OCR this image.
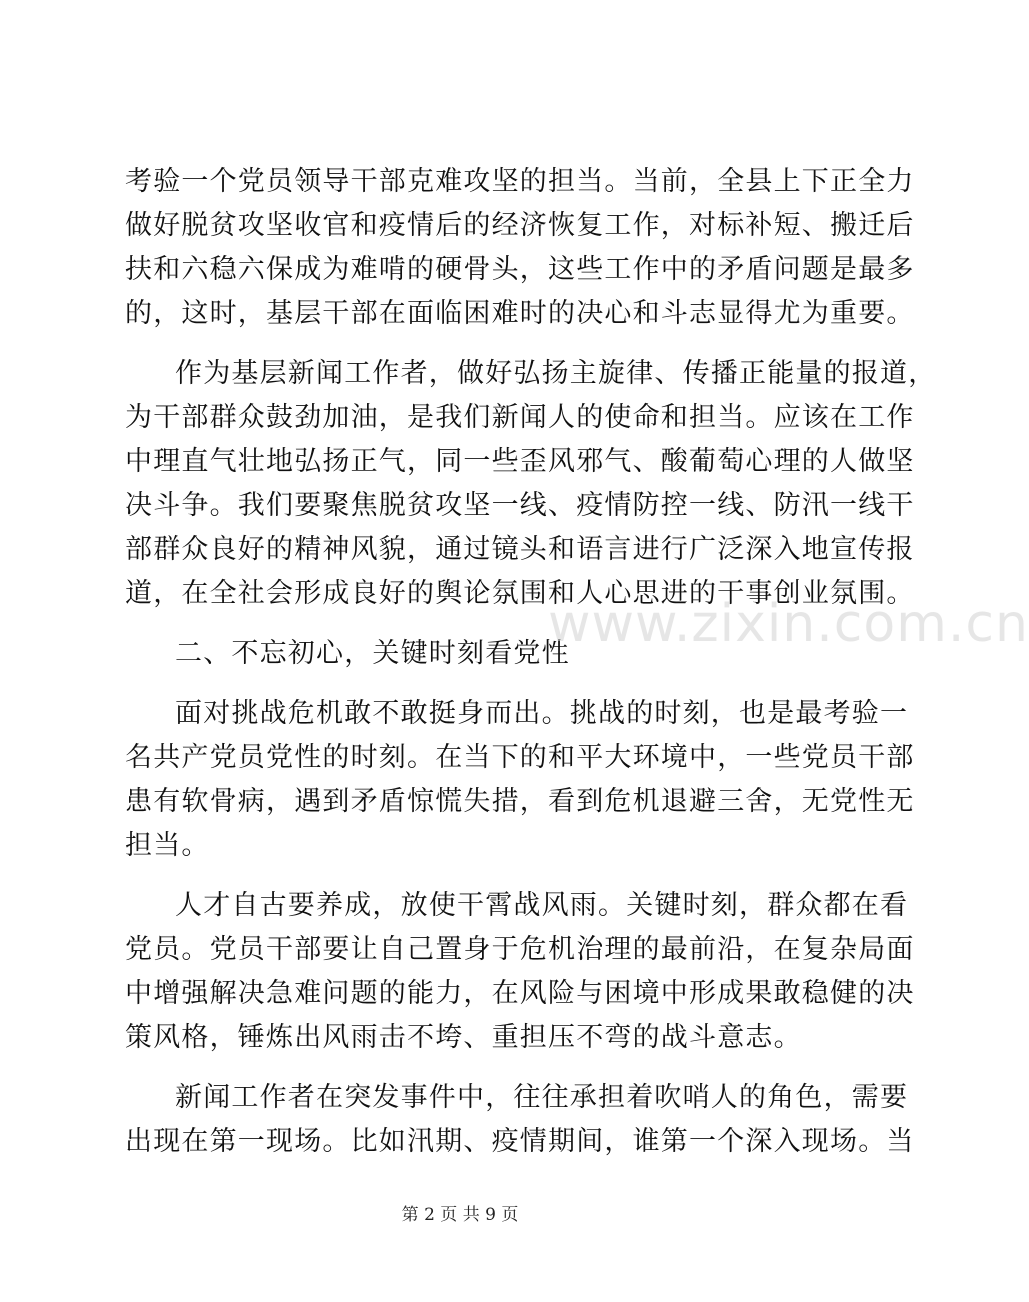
考验一个党员领导干部克难攻坚的担当。当前，全县上下正全力
做好脱贫攻坚收官和疫情后的经济恢复工作，对标补短、搬迁后
扶和六稳六保成为难啃的硬骨头，这些工作中的矛盾问题是最多
的，这时，基层干部在面临困难时的决心和斗志显得尤为重要。
作为基层新闻工作者，做好弘扬主旋律、传播正能量的报道，
为干部群众鼓劲加油，是我们新闻人的使命和担当。应该在工作
中理直气壮地弘扬正气，同一些歪风邪气、酸葡萄心理的人做坚
决斗争。我们要聚焦脱贫攻坚一线、疫情防控一线、防汛一线干
部群众良好的精神风貌，通过镜头和语言进行广泛深入地宣传报
道，在全社会形成良好的舆论氛围和人心思进的干事创业氛围。
二、不忘初心，关键时刻看党性
面对挑战危机敢不敢挺身而出。挑战的时刻，也是最考验一
名共产党员党性的时刻。在当下的和平大环境中，一些党员干部
患有软骨病，遇到矛盾惊慌失措，看到危机退避三舍，无党性无
担当。
人才自古要养成，放使干霄战风雨。关键时刻，群众都在看
党员。党员干部要让自己置身于危机治理的最前沿，在复杂局面
中增强解决急难问题的能力，在风险与困境中形成果敢稳健的决
策风格，锤炼出风雨击不垮、重担压不弯的战斗意志。
新闻工作者在突发事件中，往往承担着吹哨人的角色，需要
出现在第一现场。比如汛期、疫情期间，谁第一个深入现场。当
www.zixin.com.cn
第 2 页 共 9 页
